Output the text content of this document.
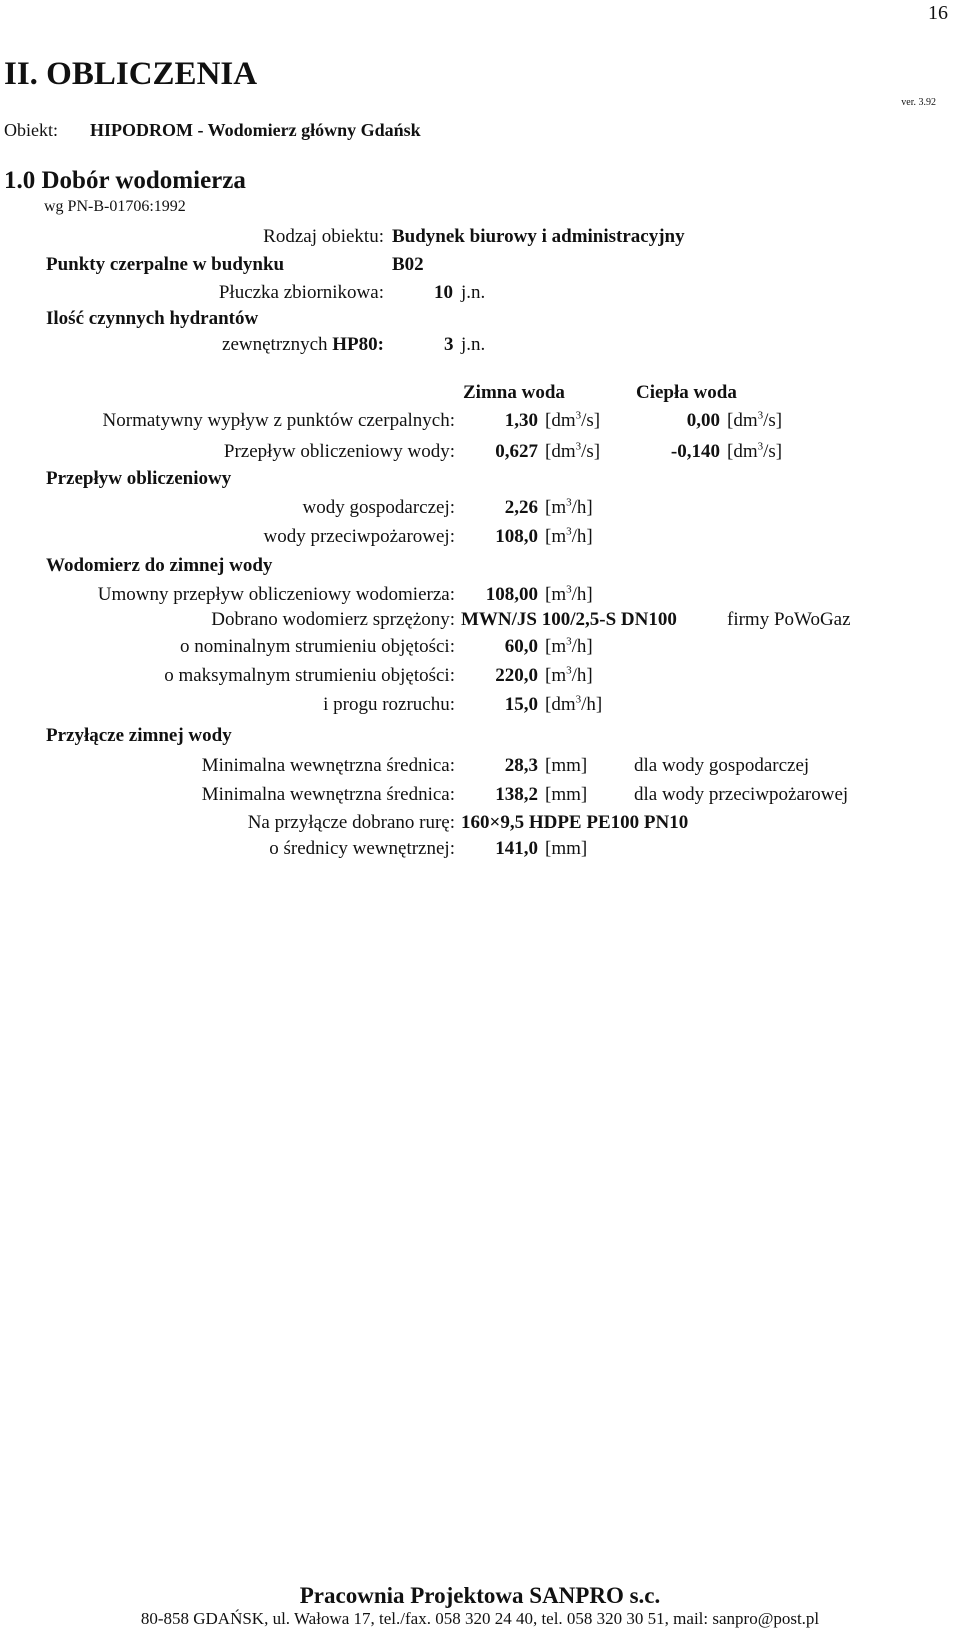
16
II. OBLICZENIA
ver. 3.92
Obiekt: HIPODROM - Wodomierz główny Gdańsk
1.0 Dobór wodomierza
wg PN-B-01706:1992
Rodzaj obiektu: Budynek biurowy i administracyjny
Punkty czerpalne w budynku	B02
Płuczka zbiornikowa:	10 j.n.
Ilość czynnych hydrantów
zewnętrznych HP80:	3 j.n.
Zimna woda	Ciepła woda
Normatywny wypływ z punktów czerpalnych:	1,30 $[dm^3/s]$	0,00 $[dm^3/s]$
Przepływ obliczeniowy wody: 0,627 $[dm^3/s]$	-0,140 $[dm^3/s]$
Przepływ obliczeniowy
wody gospodarczej:	2,26 $[m^3/h]$
wody przeciwpożarowej: 108,0 $[m^3/h]$
Wodomierz do zimnej wody
Umowny przepływ obliczeniowy wodomierza: 108,00 $[m^3/h]$
Dobrano wodomierz sprzężony: MWN/JS 100/2,5-S DN100	firmy PoWoGaz
o nominalnym strumieniu objętości:	60,0 $[m^3/h]$
o maksymalnym strumieniu objętości: 220,0 $[m^3/h]$
i progu rozruchu:	15,0 $[dm^3/h]$
Przyłącze zimnej wody
Minimalna wewnętrzna średnica:	28,3 [mm] dla wody gospodarczej
Minimalna wewnętrzna średnica: 138,2 [mm] dla wody przeciwpożarowej
Na przyłącze dobrano rurę: 160×9,5 HDPE PE100 PN10
o średnicy wewnętrznej: 141,0 [mm]
Pracownia Projektowa SANPRO s.c.
80-858 GDAŃSK, ul. Wałowa 17, tel./fax. 058 320 24 40, tel. 058 320 30 51, mail: sanpro@post.pl
